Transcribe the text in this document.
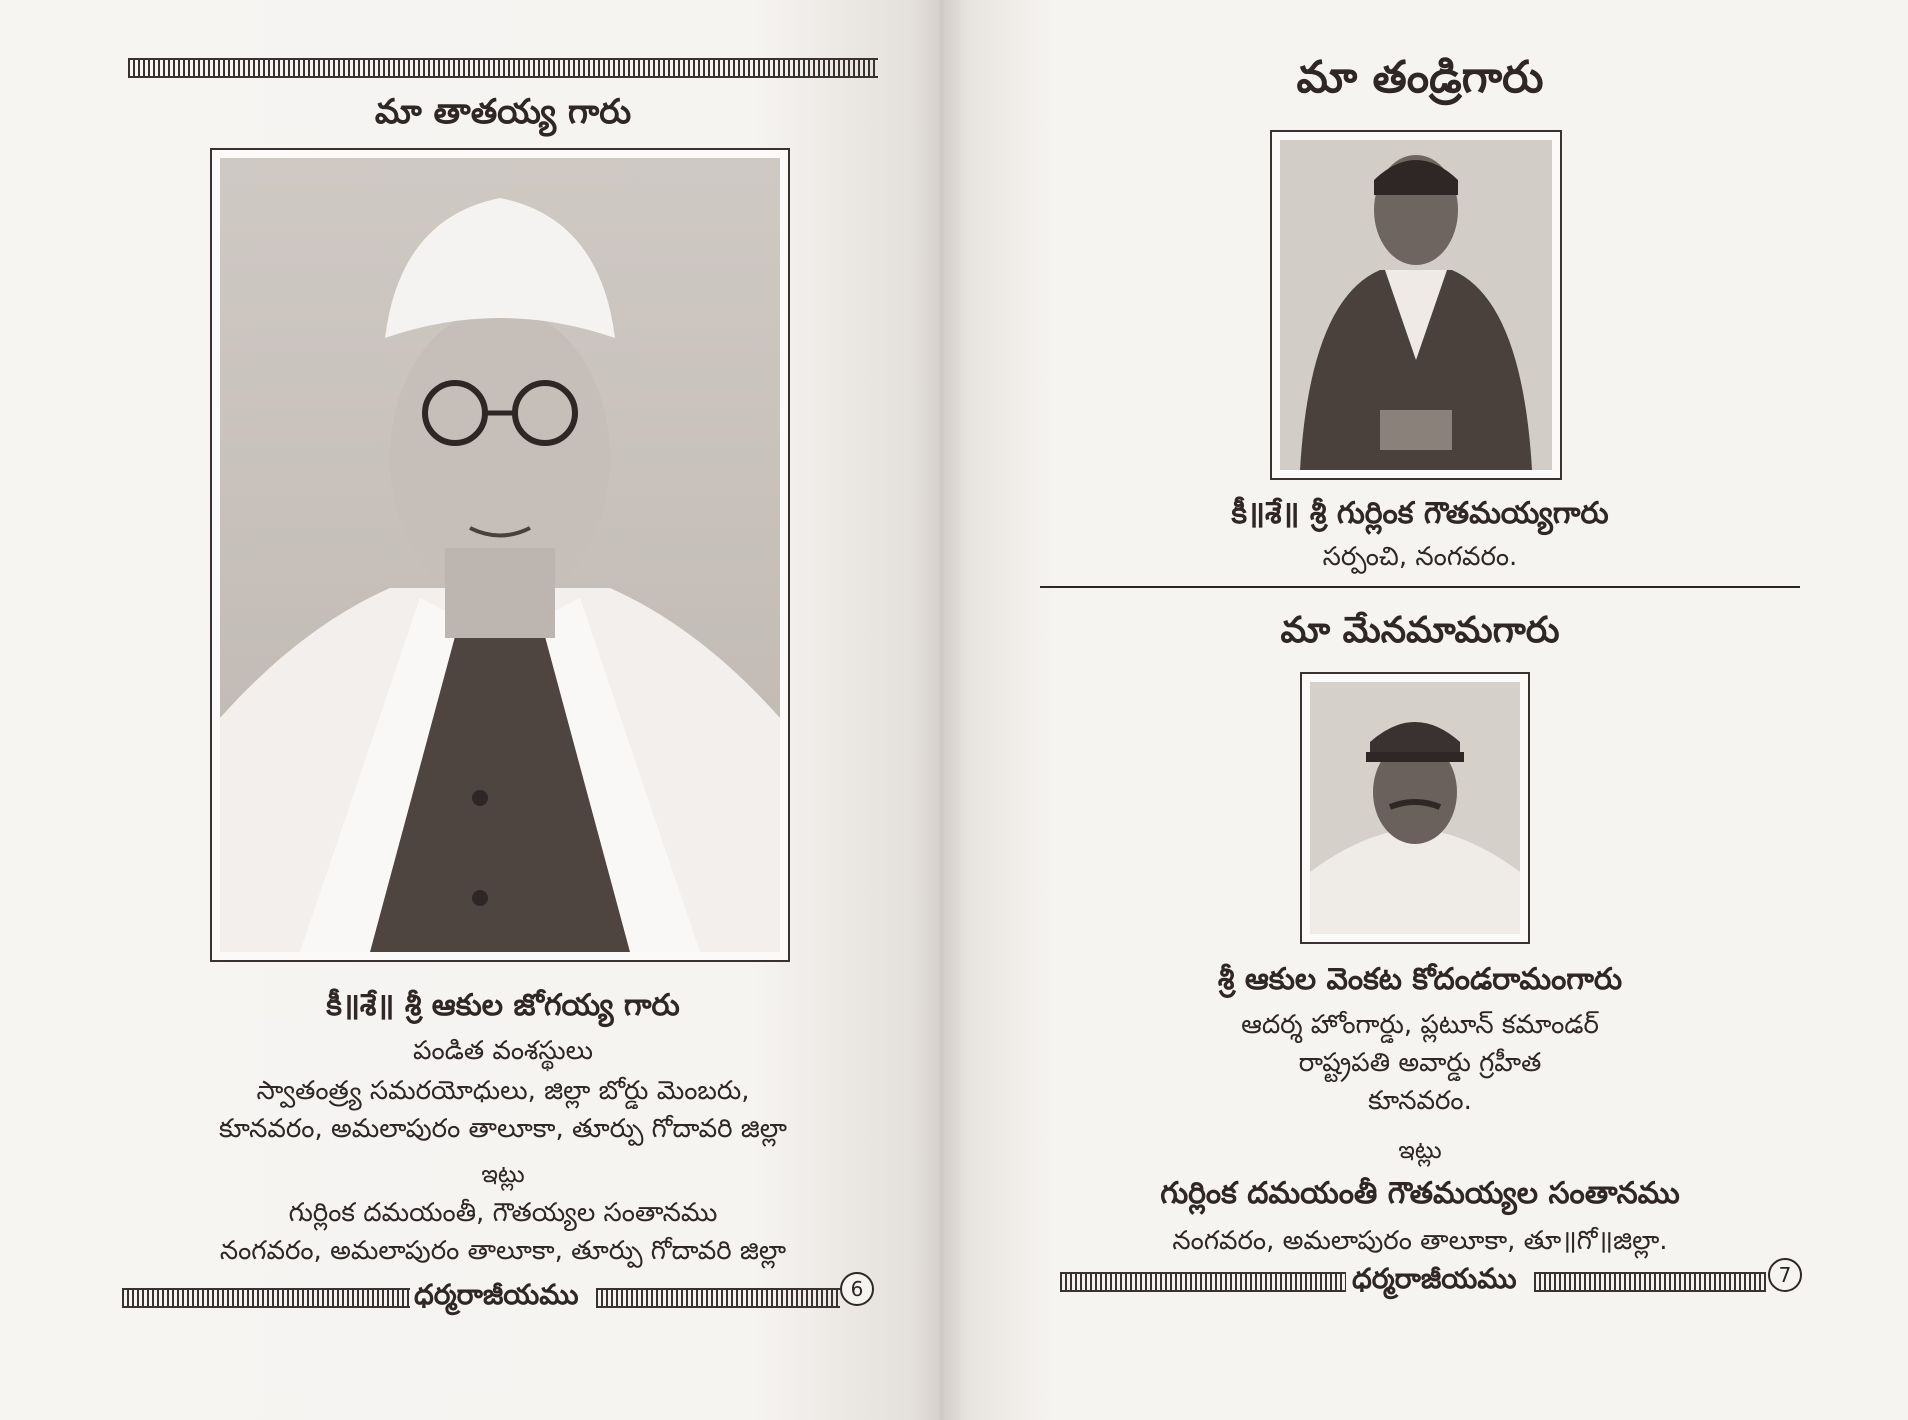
మా తాతయ్య గారు
కీ॥శే॥ శ్రీ ఆకుల జోగయ్య గారు
పండిత వంశస్థులు
స్వాతంత్ర్య సమరయోధులు, జిల్లా బోర్డు మెంబరు,
కూనవరం, అమలాపురం తాలూకా, తూర్పు గోదావరి జిల్లా
ఇట్లు
గుర్లింక దమయంతీ, గౌతయ్యల సంతానము
నంగవరం, అమలాపురం తాలూకా, తూర్పు గోదావరి జిల్లా
ధర్మరాజీయము	6
మా తండ్రిగారు
కీ॥శే॥ శ్రీ గుర్లింక గౌతమయ్యగారు
సర్పంచి, నంగవరం.
మా మేనమామగారు
శ్రీ ఆకుల వెంకట కోదండరామంగారు
ఆదర్శ హోంగార్డు, ప్లటూన్ కమాండర్
రాష్ట్రపతి అవార్డు గ్రహీత
కూనవరం.
ఇట్లు
గుర్లింక దమయంతీ గౌతమయ్యల సంతానము
నంగవరం, అమలాపురం తాలూకా, తూ॥గో॥జిల్లా.
ధర్మరాజీయము	7
